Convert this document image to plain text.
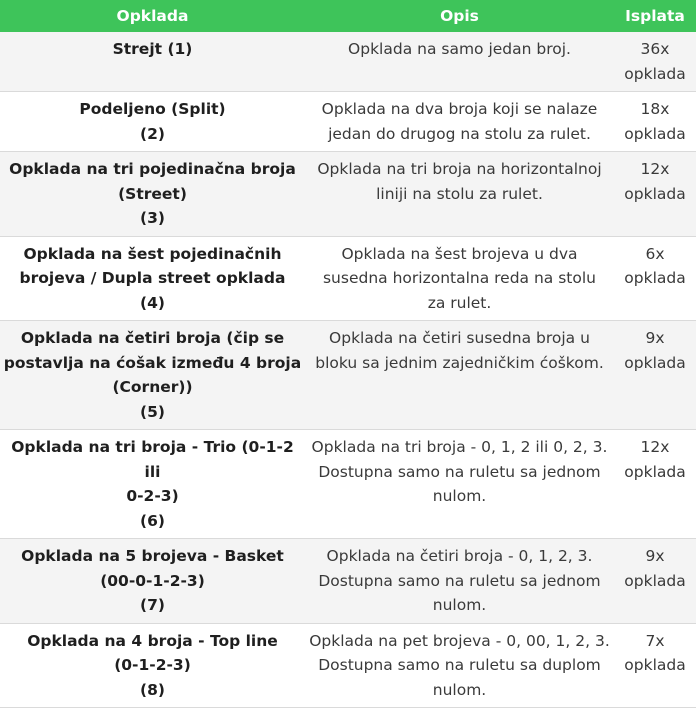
Opklada	Opis	Isplata

Strejt (1)	Opklada na samo jedan broj.	36x
opklada

Podeljeno (Split)
(2)	Opklada na dva broja koji se nalaze
jedan do drugog na stolu za rulet.	18x
opklada

Opklada na tri pojedinačna broja
(Street)
(3)	Opklada na tri broja na horizontalnoj
liniji na stolu za rulet.	12x
opklada

Opklada na šest pojedinačnih
brojeva / Dupla street opklada
(4)	Opklada na šest brojeva u dva
susedna horizontalna reda na stolu
za rulet.	6x
opklada

Opklada na četiri broja (čip se
postavlja na ćošak između 4 broja
(Corner))
(5)	Opklada na četiri susedna broja u
bloku sa jednim zajedničkim ćoškom.	9x
opklada

Opklada na tri broja - Trio (0-1-2 ili
0-2-3)
(6)	Opklada na tri broja - 0, 1, 2 ili 0, 2, 3.
Dostupna samo na ruletu sa jednom
nulom.	12x
opklada

Opklada na 5 brojeva - Basket
(00-0-1-2-3)
(7)	Opklada na četiri broja - 0, 1, 2, 3.
Dostupna samo na ruletu sa jednom
nulom.	9x
opklada

Opklada na 4 broja - Top line
(0-1-2-3)
(8)	Opklada na pet brojeva - 0, 00, 1, 2, 3.
Dostupna samo na ruletu sa duplom
nulom.	7x
opklada
